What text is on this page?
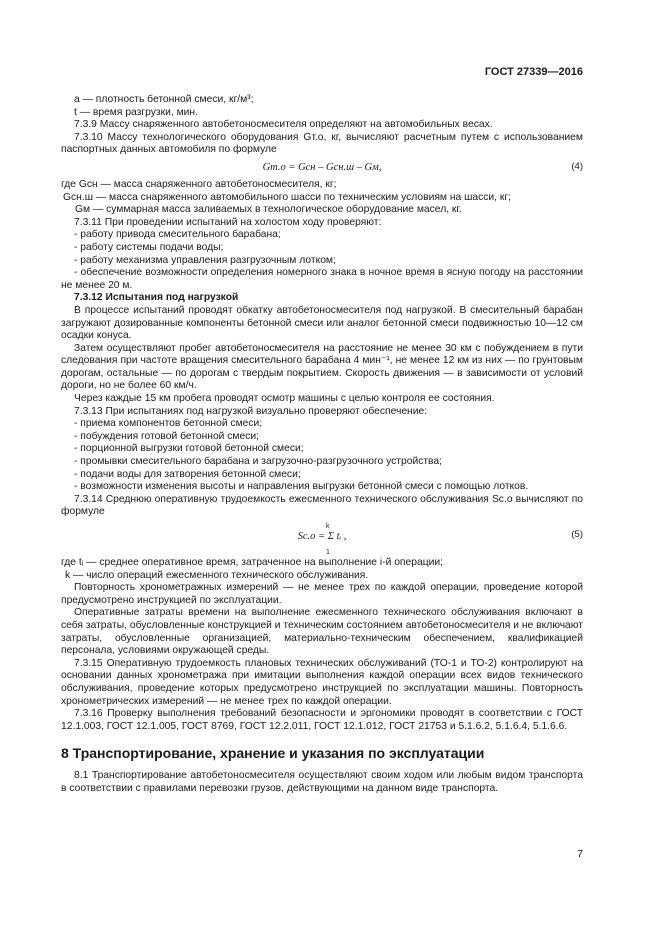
ГОСТ 27339—2016

a — плотность бетонной смеси, кг/м³;

t — время разгрузки, мин.

7.3.9 Массу снаряженного автобетоносмесителя определяют на автомобильных весах.

7.3.10 Массу технологического оборудования Gт.о, кг, вычисляют расчетным путем с использованием паспортных данных автомобиля по формуле

Gт.о = Gсн – Gсн.ш – Gм,	(4)

где Gсн — масса снаряженного автобетоносмесителя, кг;

Gсн.ш — масса снаряженного автомобильного шасси по техническим условиям на шасси, кг;

Gм — суммарная масса заливаемых в технологическое оборудование масел, кг.

7.3.11 При проведении испытаний на холостом ходу проверяют:

- работу привода смесительного барабана;

- работу системы подачи воды;

- работу механизма управления разгрузочным лотком;

- обеспечение возможности определения номерного знака в ночное время в ясную погоду на расстоянии не менее 20 м.

7.3.12 Испытания под нагрузкой

В процессе испытаний проводят обкатку автобетоносмесителя под нагрузкой. В смесительный барабан загружают дозированные компоненты бетонной смеси или аналог бетонной смеси подвижностью 10—12 см осадки конуса.

Затем осуществляют пробег автобетоносмесителя на расстояние не менее 30 км с побуждением в пути следования при частоте вращения смесительного барабана 4 мин⁻¹, не менее 12 км из них — по грунтовым дорогам, остальные — по дорогам с твердым покрытием. Скорость движения — в зависимости от условий дороги, но не более 60 км/ч.

Через каждые 15 км пробега проводят осмотр машины с целью контроля ее состояния.

7.3.13 При испытаниях под нагрузкой визуально проверяют обеспечение:

- приема компонентов бетонной смеси;

- побуждения готовой бетонной смеси;

- порционной выгрузки готовой бетонной смеси;

- промывки смесительного барабана и загрузочно-разгрузочного устройства;

- подачи воды для затворения бетонной смеси;

- возможности изменения высоты и направления выгрузки бетонной смеси с помощью лотков.

7.3.14 Среднюю оперативную трудоемкость ежесменного технического обслуживания Sс.о вычисляют по формуле

k
Sс.о = Σ tᵢ ,
1
(5)

где tᵢ — среднее оперативное время, затраченное на выполнение i-й операции;

k — число операций ежесменного технического обслуживания.

Повторность хронометражных измерений — не менее трех по каждой операции, проведение которой предусмотрено инструкцией по эксплуатации.

Оперативные затраты времени на выполнение ежесменного технического обслуживания включают в себя затраты, обусловленные конструкцией и техническим состоянием автобетоносмесителя и не включают затраты, обусловленные организацией, материально-техническим обеспечением, квалификацией персонала, условиями окружающей среды.

7.3.15 Оперативную трудоемкость плановых технических обслуживаний (ТО-1 и ТО-2) контролируют на основании данных хронометража при имитации выполнения каждой операции всех видов технического обслуживания, проведение которых предусмотрено инструкцией по эксплуатации машины. Повторность хронометрических измерений — не менее трех по каждой операции.

7.3.16 Проверку выполнения требований безопасности и эргономики проводят в соответствии с ГОСТ 12.1.003, ГОСТ 12.1.005, ГОСТ 8769, ГОСТ 12.2.011, ГОСТ 12.1.012, ГОСТ 21753 и 5.1.6.2, 5.1.6.4, 5.1.6.6.

8 Транспортирование, хранение и указания по эксплуатации

8.1 Транспортирование автобетоносмесителя осуществляют своим ходом или любым видом транспорта в соответствии с правилами перевозки грузов, действующими на данном виде транспорта.

7
